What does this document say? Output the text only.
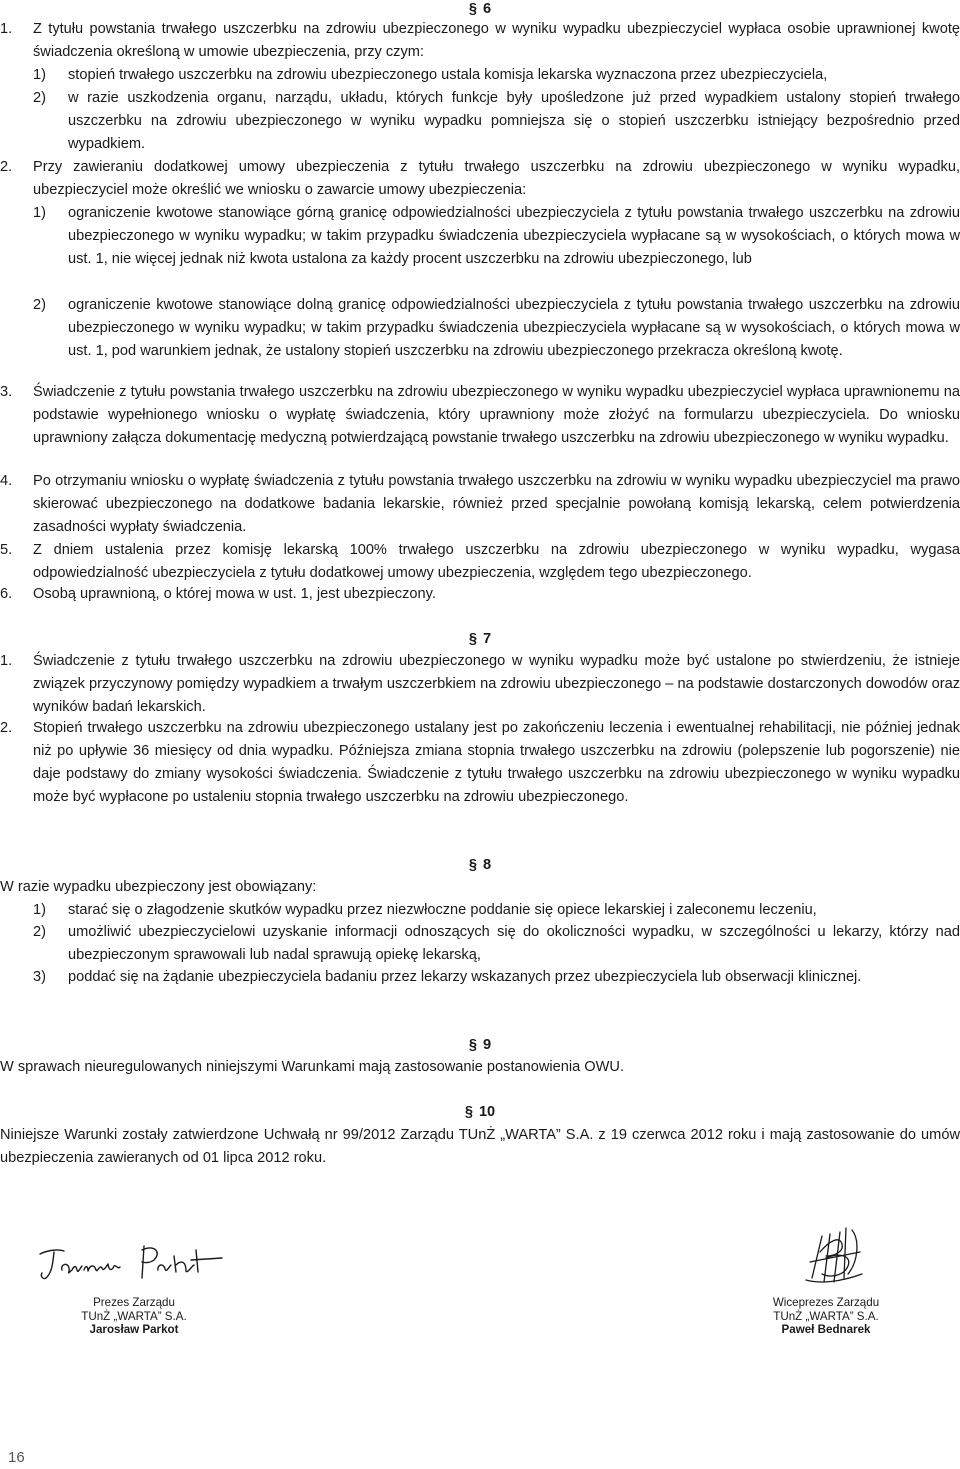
§ 6
1. Z tytułu powstania trwałego uszczerbku na zdrowiu ubezpieczonego w wyniku wypadku ubezpieczyciel wypłaca osobie uprawnionej kwotę świadczenia określoną w umowie ubezpieczenia, przy czym:
1) stopień trwałego uszczerbku na zdrowiu ubezpieczonego ustala komisja lekarska wyznaczona przez ubezpieczyciela,
2) w razie uszkodzenia organu, narządu, układu, których funkcje były upośledzone już przed wypadkiem ustalony stopień trwałego uszczerbku na zdrowiu ubezpieczonego w wyniku wypadku pomniejsza się o stopień uszczerbku istniejący bezpośrednio przed wypadkiem.
2. Przy zawieraniu dodatkowej umowy ubezpieczenia z tytułu trwałego uszczerbku na zdrowiu ubezpieczonego w wyniku wypadku, ubezpieczyciel może określić we wniosku o zawarcie umowy ubezpieczenia:
1) ograniczenie kwotowe stanowiące górną granicę odpowiedzialności ubezpieczyciela z tytułu powstania trwałego uszczerbku na zdrowiu ubezpieczonego w wyniku wypadku; w takim przypadku świadczenia ubezpieczyciela wypłacane są w wysokościach, o których mowa w ust. 1, nie więcej jednak niż kwota ustalona za każdy procent uszczerbku na zdrowiu ubezpieczonego, lub
2) ograniczenie kwotowe stanowiące dolną granicę odpowiedzialności ubezpieczyciela z tytułu powstania trwałego uszczerbku na zdrowiu ubezpieczonego w wyniku wypadku; w takim przypadku świadczenia ubezpieczyciela wypłacane są w wysokościach, o których mowa w ust. 1, pod warunkiem jednak, że ustalony stopień uszczerbku na zdrowiu ubezpieczonego przekracza określoną kwotę.
3. Świadczenie z tytułu powstania trwałego uszczerbku na zdrowiu ubezpieczonego w wyniku wypadku ubezpieczyciel wypłaca uprawnionemu na podstawie wypełnionego wniosku o wypłatę świadczenia, który uprawniony może złożyć na formularzu ubezpieczyciela. Do wniosku uprawniony załącza dokumentację medyczną potwierdzającą powstanie trwałego uszczerbku na zdrowiu ubezpieczonego w wyniku wypadku.
4. Po otrzymaniu wniosku o wypłatę świadczenia z tytułu powstania trwałego uszczerbku na zdrowiu w wyniku wypadku ubezpieczyciel ma prawo skierować ubezpieczonego na dodatkowe badania lekarskie, również przed specjalnie powołaną komisją lekarską, celem potwierdzenia zasadności wypłaty świadczenia.
5. Z dniem ustalenia przez komisję lekarską 100% trwałego uszczerbku na zdrowiu ubezpieczonego w wyniku wypadku, wygasa odpowiedzialność ubezpieczyciela z tytułu dodatkowej umowy ubezpieczenia, względem tego ubezpieczonego.
6. Osobą uprawnioną, o której mowa w ust. 1, jest ubezpieczony.
§ 7
1. Świadczenie z tytułu trwałego uszczerbku na zdrowiu ubezpieczonego w wyniku wypadku może być ustalone po stwierdzeniu, że istnieje związek przyczynowy pomiędzy wypadkiem a trwałym uszczerbkiem na zdrowiu ubezpieczonego – na podstawie dostarczonych dowodów oraz wyników badań lekarskich.
2. Stopień trwałego uszczerbku na zdrowiu ubezpieczonego ustalany jest po zakończeniu leczenia i ewentualnej rehabilitacji, nie później jednak niż po upływie 36 miesięcy od dnia wypadku. Późniejsza zmiana stopnia trwałego uszczerbku na zdrowiu (polepszenie lub pogorszenie) nie daje podstawy do zmiany wysokości świadczenia. Świadczenie z tytułu trwałego uszczerbku na zdrowiu ubezpieczonego w wyniku wypadku może być wypłacone po ustaleniu stopnia trwałego uszczerbku na zdrowiu ubezpieczonego.
§ 8
W razie wypadku ubezpieczony jest obowiązany:
1) starać się o złagodzenie skutków wypadku przez niezwłoczne poddanie się opiece lekarskiej i zaleconemu leczeniu,
2) umożliwić ubezpieczycielowi uzyskanie informacji odnoszących się do okoliczności wypadku, w szczególności u lekarzy, którzy nad ubezpieczonym sprawowali lub nadal sprawują opiekę lekarską,
3) poddać się na żądanie ubezpieczyciela badaniu przez lekarzy wskazanych przez ubezpieczyciela lub obserwacji klinicznej.
§ 9
W sprawach nieuregulowanych niniejszymi Warunkami mają zastosowanie postanowienia OWU.
§ 10
Niniejsze Warunki zostały zatwierdzone Uchwałą nr 99/2012 Zarządu TUnŻ „WARTA” S.A. z 19 czerwca 2012 roku i mają zastosowanie do umów ubezpieczenia zawieranych od 01 lipca 2012 roku.
Prezes Zarządu
TUnŻ „WARTA” S.A.
Jarosław Parkot
Wiceprezes Zarządu
TUnŻ „WARTA” S.A.
Paweł Bednarek
16
